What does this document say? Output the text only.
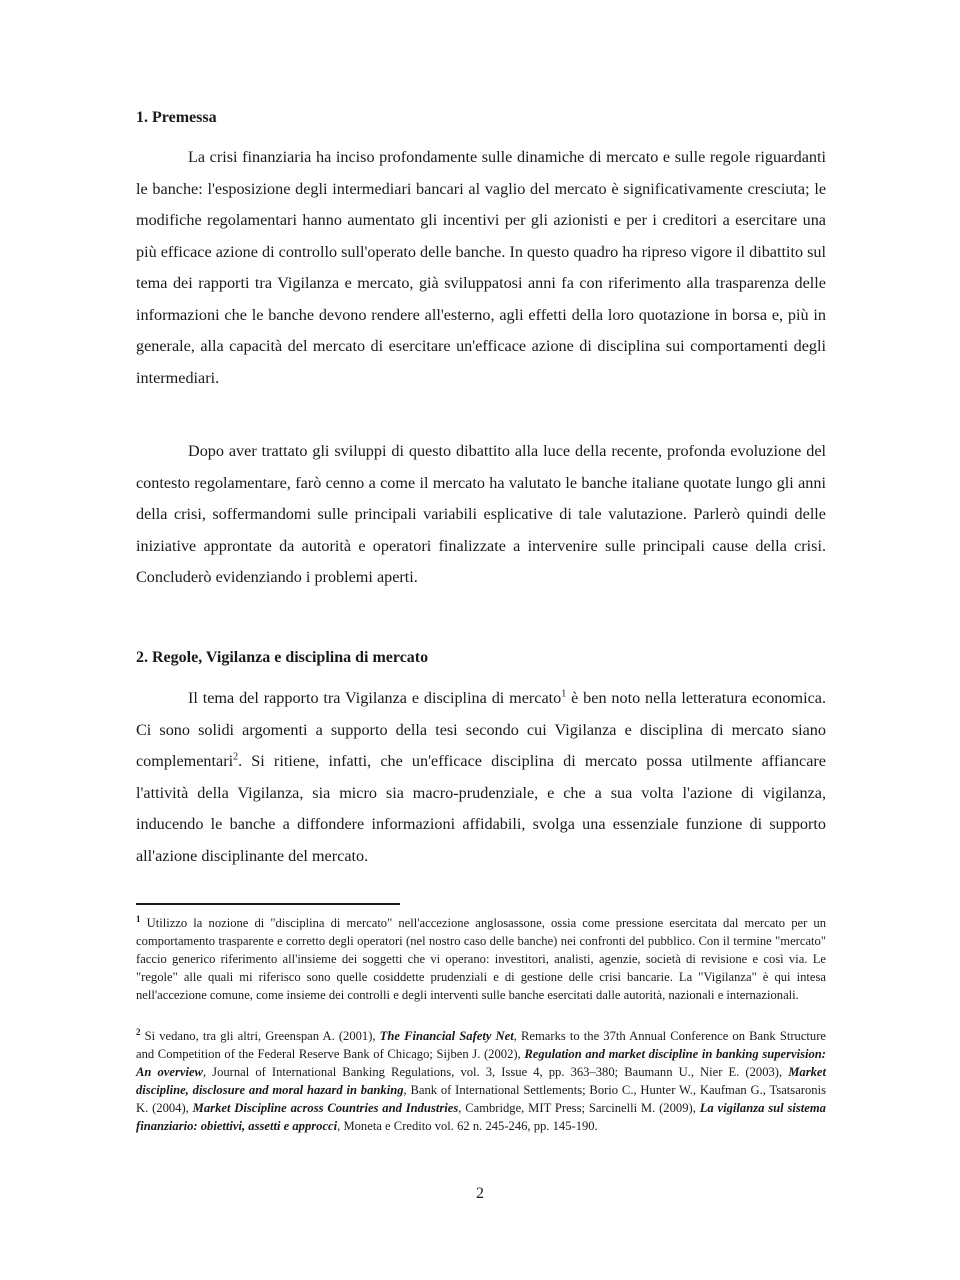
1. Premessa

La crisi finanziaria ha inciso profondamente sulle dinamiche di mercato e sulle regole riguardanti le banche: l'esposizione degli intermediari bancari al vaglio del mercato è significativamente cresciuta; le modifiche regolamentari hanno aumentato gli incentivi per gli azionisti e per i creditori a esercitare una più efficace azione di controllo sull'operato delle banche. In questo quadro ha ripreso vigore il dibattito sul tema dei rapporti tra Vigilanza e mercato, già sviluppatosi anni fa con riferimento alla trasparenza delle informazioni che le banche devono rendere all'esterno, agli effetti della loro quotazione in borsa e, più in generale, alla capacità del mercato di esercitare un'efficace azione di disciplina sui comportamenti degli intermediari.

Dopo aver trattato gli sviluppi di questo dibattito alla luce della recente, profonda evoluzione del contesto regolamentare, farò cenno a come il mercato ha valutato le banche italiane quotate lungo gli anni della crisi, soffermandomi sulle principali variabili esplicative di tale valutazione. Parlerò quindi delle iniziative approntate da autorità e operatori finalizzate a intervenire sulle principali cause della crisi. Concluderò evidenziando i problemi aperti.

2. Regole, Vigilanza e disciplina di mercato

Il tema del rapporto tra Vigilanza e disciplina di mercato$^1$ è ben noto nella letteratura economica. Ci sono solidi argomenti a supporto della tesi secondo cui Vigilanza e disciplina di mercato siano complementari$^2$. Si ritiene, infatti, che un'efficace disciplina di mercato possa utilmente affiancare l'attività della Vigilanza, sia micro sia macro-prudenziale, e che a sua volta l'azione di vigilanza, inducendo le banche a diffondere informazioni affidabili, svolga una essenziale funzione di supporto all'azione disciplinante del mercato.

$^1$ Utilizzo la nozione di "disciplina di mercato" nell'accezione anglosassone, ossia come pressione esercitata dal mercato per un comportamento trasparente e corretto degli operatori (nel nostro caso delle banche) nei confronti del pubblico. Con il termine "mercato" faccio generico riferimento all'insieme dei soggetti che vi operano: investitori, analisti, agenzie, società di revisione e così via. Le "regole" alle quali mi riferisco sono quelle cosiddette prudenziali e di gestione delle crisi bancarie. La "Vigilanza" è qui intesa nell'accezione comune, come insieme dei controlli e degli interventi sulle banche esercitati dalle autorità, nazionali e internazionali.

$^2$ Si vedano, tra gli altri, Greenspan A. (2001), The Financial Safety Net, Remarks to the 37th Annual Conference on Bank Structure and Competition of the Federal Reserve Bank of Chicago; Sijben J. (2002), Regulation and market discipline in banking supervision: An overview, Journal of International Banking Regulations, vol. 3, Issue 4, pp. 363–380; Baumann U., Nier E. (2003), Market discipline, disclosure and moral hazard in banking, Bank of International Settlements; Borio C., Hunter W., Kaufman G., Tsatsaronis K. (2004), Market Discipline across Countries and Industries, Cambridge, MIT Press; Sarcinelli M. (2009), La vigilanza sul sistema finanziario: obiettivi, assetti e approcci, Moneta e Credito vol. 62 n. 245-246, pp. 145-190.

2
